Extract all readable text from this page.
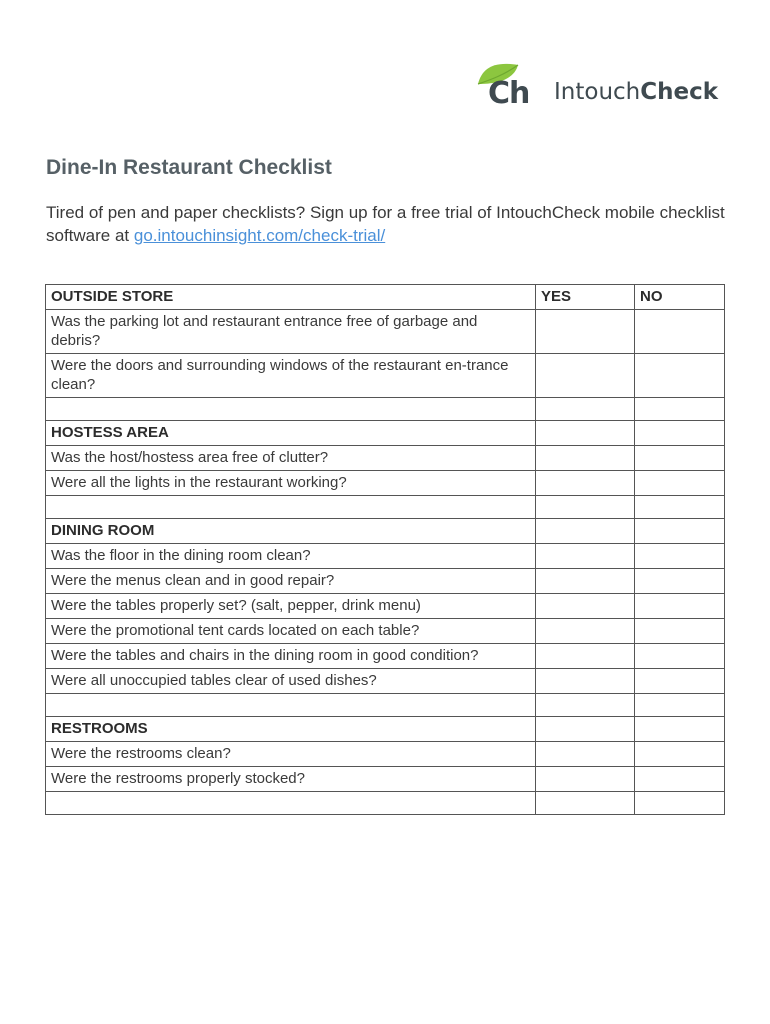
Ch IntouchCheck
Dine-In Restaurant Checklist

Tired of pen and paper checklists? Sign up for a free trial of IntouchCheck mobile checklist software at go.intouchinsight.com/check-trial/

OUTSIDE STORE	YES	NO
Was the parking lot and restaurant entrance free of garbage and debris?		
Were the doors and surrounding windows of the restaurant en-trance clean?		

HOSTESS AREA		
Was the host/hostess area free of clutter?		
Were all the lights in the restaurant working?		

DINING ROOM		
Was the floor in the dining room clean?		
Were the menus clean and in good repair?		
Were the tables properly set? (salt, pepper, drink menu)		
Were the promotional tent cards located on each table?		
Were the tables and chairs in the dining room in good condition?		
Were all unoccupied tables clear of used dishes?		

RESTROOMS		
Were the restrooms clean?		
Were the restrooms properly stocked?		
